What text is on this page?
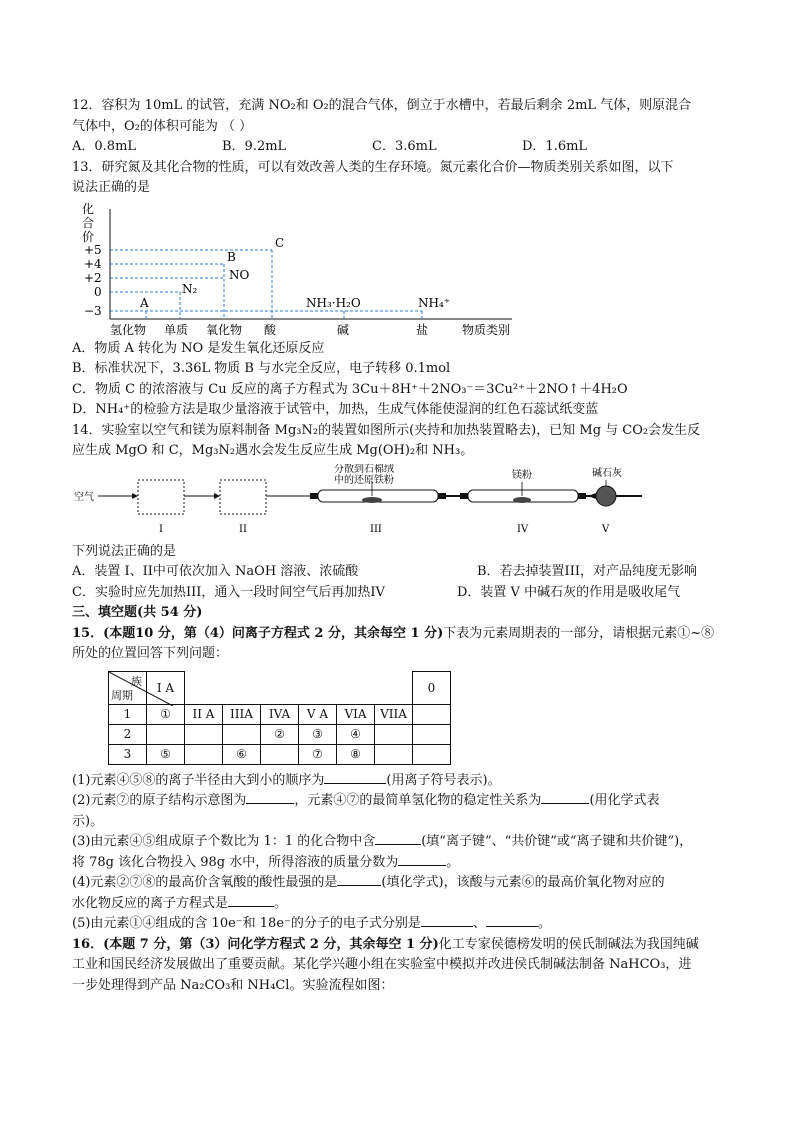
12．容积为 10mL 的试管，充满 NO₂和 O₂的混合气体，倒立于水槽中，若最后剩余 2mL 气体，则原混合
气体中，O₂的体积可能为 （ ）
A．0.8mL	B．9.2mL	C．3.6mL	D．1.6mL
13．研究氮及其化合物的性质，可以有效改善人类的生存环境。氮元素化合价—物质类别关系如图，以下
说法正确的是
化
合
价
+5
+4
+2
0
−3
A
N₂
B
NO
C
NH₃·H₂O	NH₄⁺
氢化物 单质 氧化物 酸	碱	盐	物质类别
A．物质 A 转化为 NO 是发生氧化还原反应
B．标准状况下，3.36L 物质 B 与水完全反应，电子转移 0.1mol
C．物质 C 的浓溶液与 Cu 反应的离子方程式为 3Cu＋8H⁺＋2NO₃⁻＝3Cu²⁺＋2NO↑＋4H₂O
D．NH₄⁺的检验方法是取少量溶液于试管中，加热，生成气体能使湿润的红色石蕊试纸变蓝
14．实验室以空气和镁为原料制备 Mg₃N₂的装置如图所示(夹持和加热装置略去)，已知 Mg 与 CO₂会发生反
应生成 MgO 和 C，Mg₃N₂遇水会发生反应生成 Mg(OH)₂和 NH₃。
空气
分散到石棉绒
中的还原铁粉	镁粉	碱石灰
I	II	III	IV	V
下列说法正确的是
A．装置 I、II中可依次加入 NaOH 溶液、浓硫酸	B．若去掉装置III，对产品纯度无影响
C．实验时应先加热III，通入一段时间空气后再加热IV	D．装置 V 中碱石灰的作用是吸收尾气
三、填空题(共 54 分)
15．(本题10 分，第（4）问离子方程式 2 分，其余每空 1 分)下表为元素周期表的一部分，请根据元素①~⑧
所处的位置回答下列问题：
族
周期	I A							0
1	①	II A	IIIA	IVA	V A	VIA	VIIA	
2				②	③	④		
3	⑤		⑥		⑦	⑧		
(1)元素④⑤⑧的离子半径由大到小的顺序为	(用离子符号表示)。
(2)元素⑦的原子结构示意图为	，元素④⑦的最简单氢化物的稳定性关系为	(用化学式表
示)。
(3)由元素④⑤组成原子个数比为 1：1 的化合物中含	(填“离子键”、“共价键”或“离子键和共价键”)，
将 78g 该化合物投入 98g 水中，所得溶液的质量分数为	。
(4)元素②⑦⑧的最高价含氧酸的酸性最强的是	(填化学式)，该酸与元素⑥的最高价氧化物对应的
水化物反应的离子方程式是	。
(5)由元素①④组成的含 10e⁻和 18e⁻的分子的电子式分别是	、	。
16．(本题 7 分，第（3）问化学方程式 2 分，其余每空 1 分)化工专家侯德榜发明的侯氏制碱法为我国纯碱
工业和国民经济发展做出了重要贡献。某化学兴趣小组在实验室中模拟并改进侯氏制碱法制备 NaHCO₃，进
一步处理得到产品 Na₂CO₃和 NH₄Cl。实验流程如图：
